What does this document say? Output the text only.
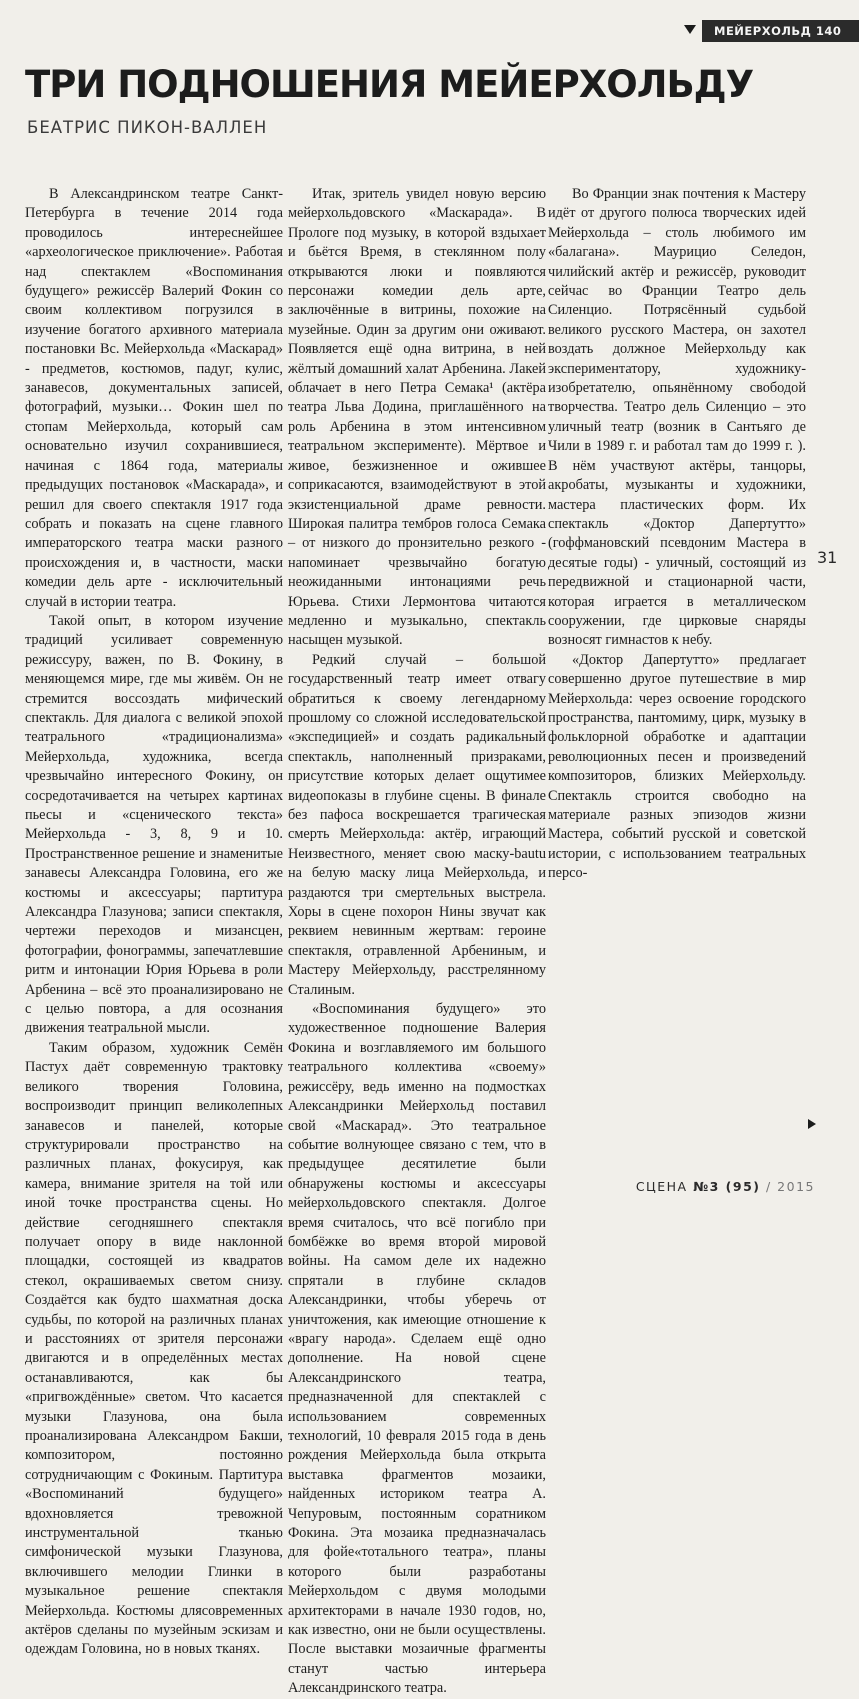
МЕЙЕРХОЛЬД 140
ТРИ ПОДНОШЕНИЯ МЕЙЕРХОЛЬДУ
БЕАТРИС ПИКОН-ВАЛЛЕН

В Александринском театре Санкт-Петербурга в течение 2014 года проводилось интереснейшее «археологическое приключение». Работая над спектаклем «Воспоминания будущего» режиссёр Валерий Фокин со своим коллективом погрузился в изучение богатого архивного материала постановки Вс. Мейерхольда «Маскарад» - предметов, костюмов, падуг, кулис, занавесов, документальных записей, фотографий, музыки… Фокин шел по стопам Мейерхольда, который сам основательно изучил сохранившиеся, начиная с 1864 года, материалы предыдущих постановок «Маскарада», и решил для своего спектакля 1917 года собрать и показать на сцене главного императорского театра маски разного происхождения и, в частности, маски комедии дель арте - исключительный случай в истории театра.

Такой опыт, в котором изучение традиций усиливает современную режиссуру, важен, по В. Фокину, в меняющемся мире, где мы живём. Он не стремится воссоздать мифический спектакль. Для диалога с великой эпохой театрального «традиционализма» Мейерхольда, художника, всегда чрезвычайно интересного Фокину, он сосредотачивается на четырех картинах пьесы и «сценического текста» Мейерхольда - 3, 8, 9 и 10. Пространственное решение и знаменитые занавесы Александра Головина, его же костюмы и аксессуары; партитура Александра Глазунова; записи спектакля, чертежи переходов и мизансцен, фотографии, фонограммы, запечатлевшие ритм и интонации Юрия Юрьева в роли Арбенина – всё это проанализировано не с целью повтора, а для осознания движения театральной мысли.

Таким образом, художник Семён Пастух даёт современную трактовку великого творения Головина, воспроизводит принцип великолепных занавесов и панелей, которые структурировали пространство на различных планах, фокусируя, как камера, внимание зрителя на той или иной точке пространства сцены. Но действие сегодняшнего спектакля получает опору в виде наклонной площадки, состоящей из квадратов стекол, окрашиваемых светом снизу. Создаётся как будто шахматная доска судьбы, по которой на различных планах и расстояниях от зрителя персонажи двигаются и в определённых местах останавливаются, как бы «пригвождённые» светом. Что касается музыки Глазунова, она была проанализирована Александром Бакши, композитором, постоянно сотрудничающим с Фокиным. Партитура «Воспоминаний будущего» вдохновляется тревожной инструментальной тканью симфонической музыки Глазунова, включившего мелодии Глинки в музыкальное решение спектакля Мейерхольда. Костюмы длясовременных актёров сделаны по музейным эскизам и одеждам Головина, но в новых тканях.

Итак, зритель увидел новую версию мейерхольдовского «Маскарада». В Прологе под музыку, в которой вздыхает и бьётся Время, в стеклянном полу открываются люки и появляются персонажи комедии дель арте, заключённые в витрины, похожие на музейные. Один за другим они оживают. Появляется ещё одна витрина, в ней жёлтый домашний халат Арбенина. Лакей облачает в него Петра Семака¹ (актёра театра Льва Додина, приглашённого на роль Арбенина в этом интенсивном театральном эксперименте). Мёртвое и живое, безжизненное и ожившее соприкасаются, взаимодействуют в этой экзистенциальной драме ревности. Широкая палитра тембров голоса Семака – от низкого до пронзительно резкого - напоминает чрезвычайно богатую неожиданными интонациями речь Юрьева. Стихи Лермонтова читаются медленно и музыкально, спектакль насыщен музыкой.

Редкий случай – большой государственный театр имеет отвагу обратиться к своему легендарному прошлому со сложной исследовательской «экспедицией» и создать радикальный спектакль, наполненный призраками, присутствие которых делает ощутимее видеопоказы в глубине сцены. В финале без пафоса воскрешается трагическая смерть Мейерхольда: актёр, играющий Неизвестного, меняет свою маску-bautu на белую маску лица Мейерхольда, и раздаются три смертельных выстрела. Хоры в сцене похорон Нины звучат как реквием невинным жертвам: героине спектакля, отравленной Арбениным, и Мастеру Мейерхольду, расстрелянному Сталиным.

«Воспоминания будущего» это художественное подношение Валерия Фокина и возглавляемого им большого театрального коллектива «своему» режиссёру, ведь именно на подмостках Александринки Мейерхольд поставил свой «Маскарад». Это театральное событие волнующее связано с тем, что в предыдущее десятилетие были обнаружены костюмы и аксессуары мейерхольдовского спектакля. Долгое время считалось, что всё погибло при бомбёжке во время второй мировой войны. На самом деле их надежно спрятали в глубине складов Александринки, чтобы уберечь от уничтожения, как имеющие отношение к «врагу народа». Сделаем ещё одно дополнение. На новой сцене Александринского театра, предназначенной для спектаклей с использованием современных технологий, 10 февраля 2015 года в день рождения Мейерхольда была открыта выставка фрагментов мозаики, найденных историком театра А. Чепуровым, постоянным соратником Фокина. Эта мозаика предназначалась для фойе«тотального театра», планы которого были разработаны Мейерхольдом с двумя молодыми архитекторами в начале 1930 годов, но, как известно, они не были осуществлены. После выставки мозаичные фрагменты станут частью интерьера Александринского театра.

Во Франции знак почтения к Мастеру идёт от другого полюса творческих идей Мейерхольда – столь любимого им «балагана». Маурицио Селедон, чилийский актёр и режиссёр, руководит сейчас во Франции Театро дель Силенцио. Потрясённый судьбой великого русского Мастера, он захотел воздать должное Мейерхольду как экспериментатору, художнику-изобретателю, опьянённому свободой творчества. Театро дель Силенцио – это уличный театр (возник в Сантьяго де Чили в 1989 г. и работал там до 1999 г. ). В нём участвуют актёры, танцоры, акробаты, музыканты и художники, мастера пластических форм. Их спектакль «Доктор Дапертутто» (гоффмановский псевдоним Мастера в десятые годы) - уличный, состоящий из передвижной и стационарной части, которая играется в металлическом сооружении, где цирковые снаряды возносят гимнастов к небу.

«Доктор Дапертутто» предлагает совершенно другое путешествие в мир Мейерхольда: через освоение городского пространства, пантомиму, цирк, музыку в фольклорной обработке и адаптации революционных песен и произведений композиторов, близких Мейерхольду. Спектакль строится свободно на материале разных эпизодов жизни Мастера, событий русской и советской истории, с использованием театральных персо-

31
СЦЕНА №3 (95) / 2015
